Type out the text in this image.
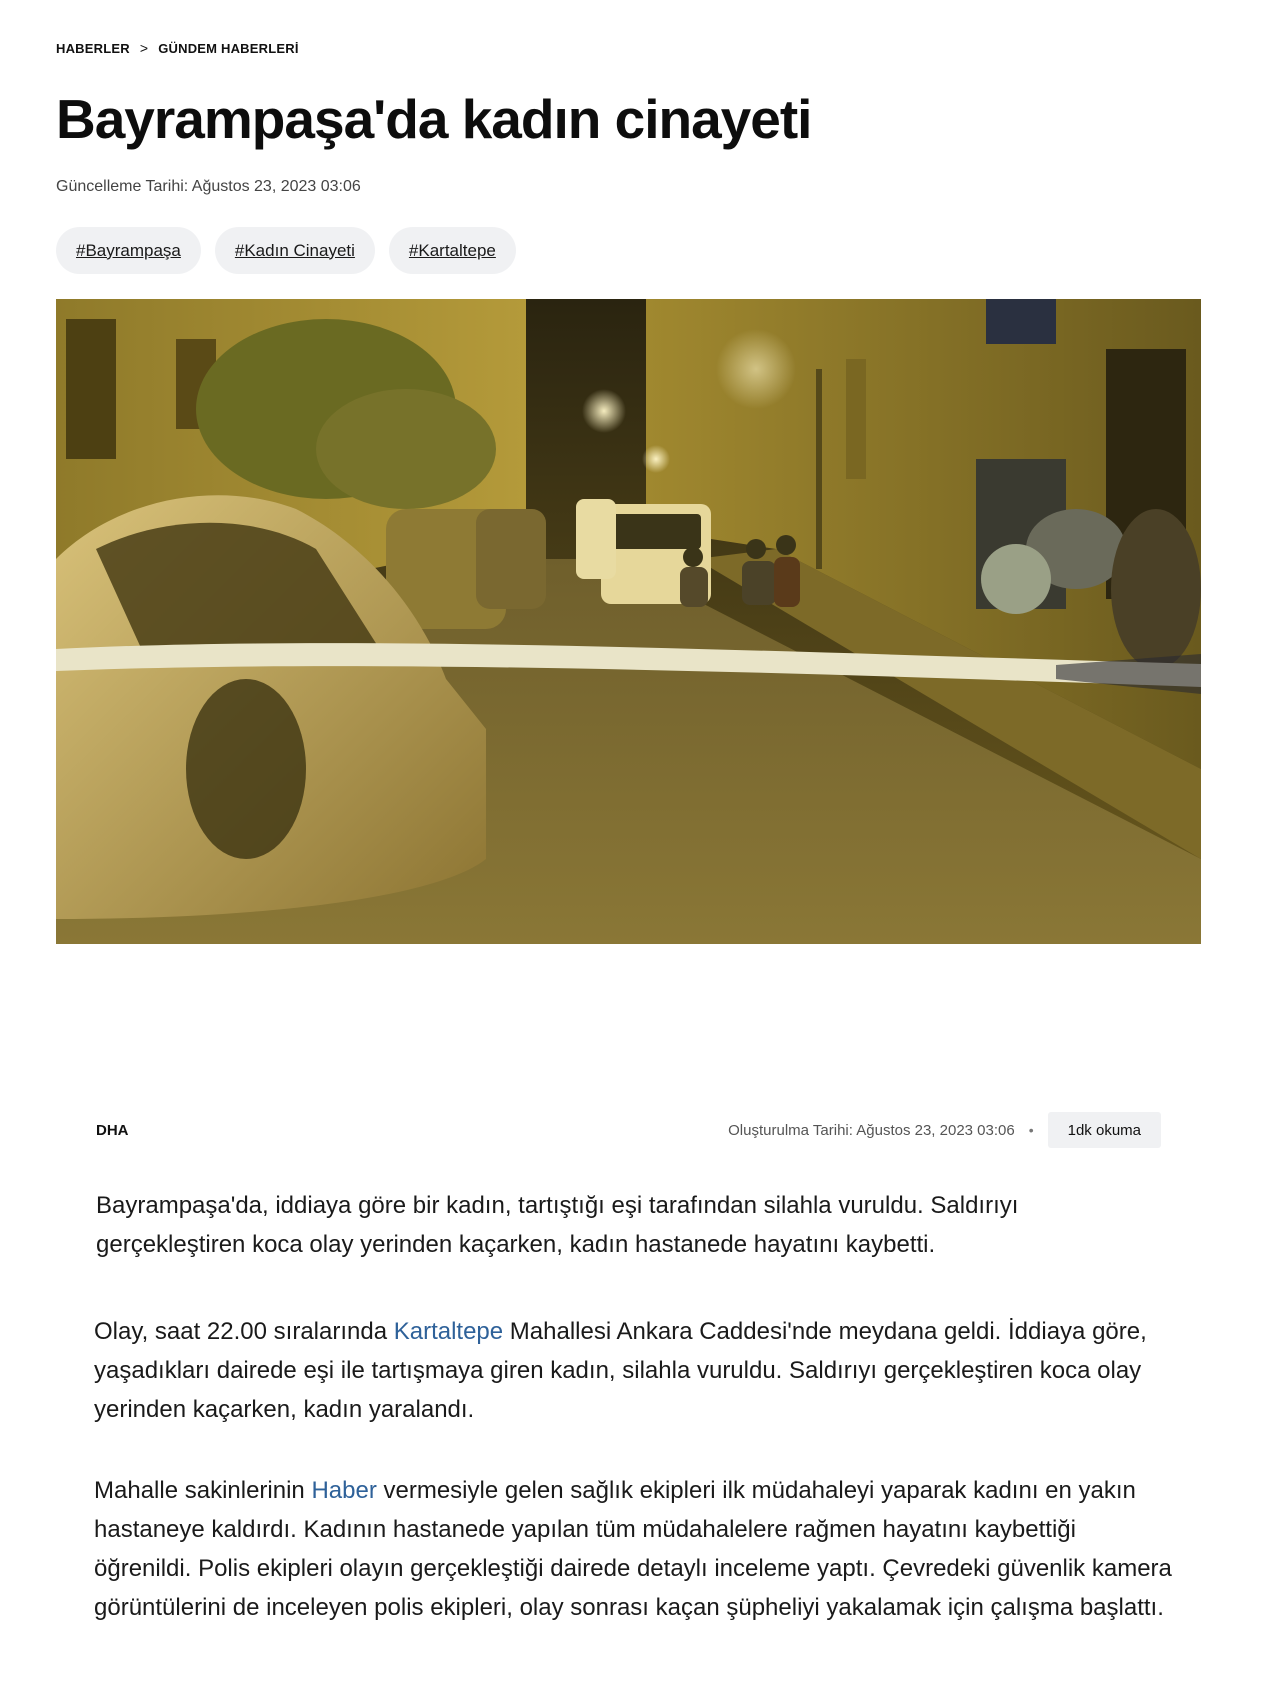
HABERLER > GÜNDEM HABERLERİ
Bayrampaşa'da kadın cinayeti
Güncelleme Tarihi: Ağustos 23, 2023 03:06
#Bayrampaşa	#Kadın Cinayeti	#Kartaltepe
DHA	Oluşturulma Tarihi: Ağustos 23, 2023 03:06 •	1dk okuma

Bayrampaşa'da, iddiaya göre bir kadın, tartıştığı eşi tarafından silahla vuruldu. Saldırıyı gerçekleştiren koca olay yerinden kaçarken, kadın hastanede hayatını kaybetti.

Olay, saat 22.00 sıralarında Kartaltepe Mahallesi Ankara Caddesi'nde meydana geldi. İddiaya göre, yaşadıkları dairede eşi ile tartışmaya giren kadın, silahla vuruldu. Saldırıyı gerçekleştiren koca olay yerinden kaçarken, kadın yaralandı.

Mahalle sakinlerinin Haber vermesiyle gelen sağlık ekipleri ilk müdahaleyi yaparak kadını en yakın hastaneye kaldırdı. Kadının hastanede yapılan tüm müdahalelere rağmen hayatını kaybettiği öğrenildi. Polis ekipleri olayın gerçekleştiği dairede detaylı inceleme yaptı. Çevredeki güvenlik kamera görüntülerini de inceleyen polis ekipleri, olay sonrası kaçan şüpheliyi yakalamak için çalışma başlattı.
